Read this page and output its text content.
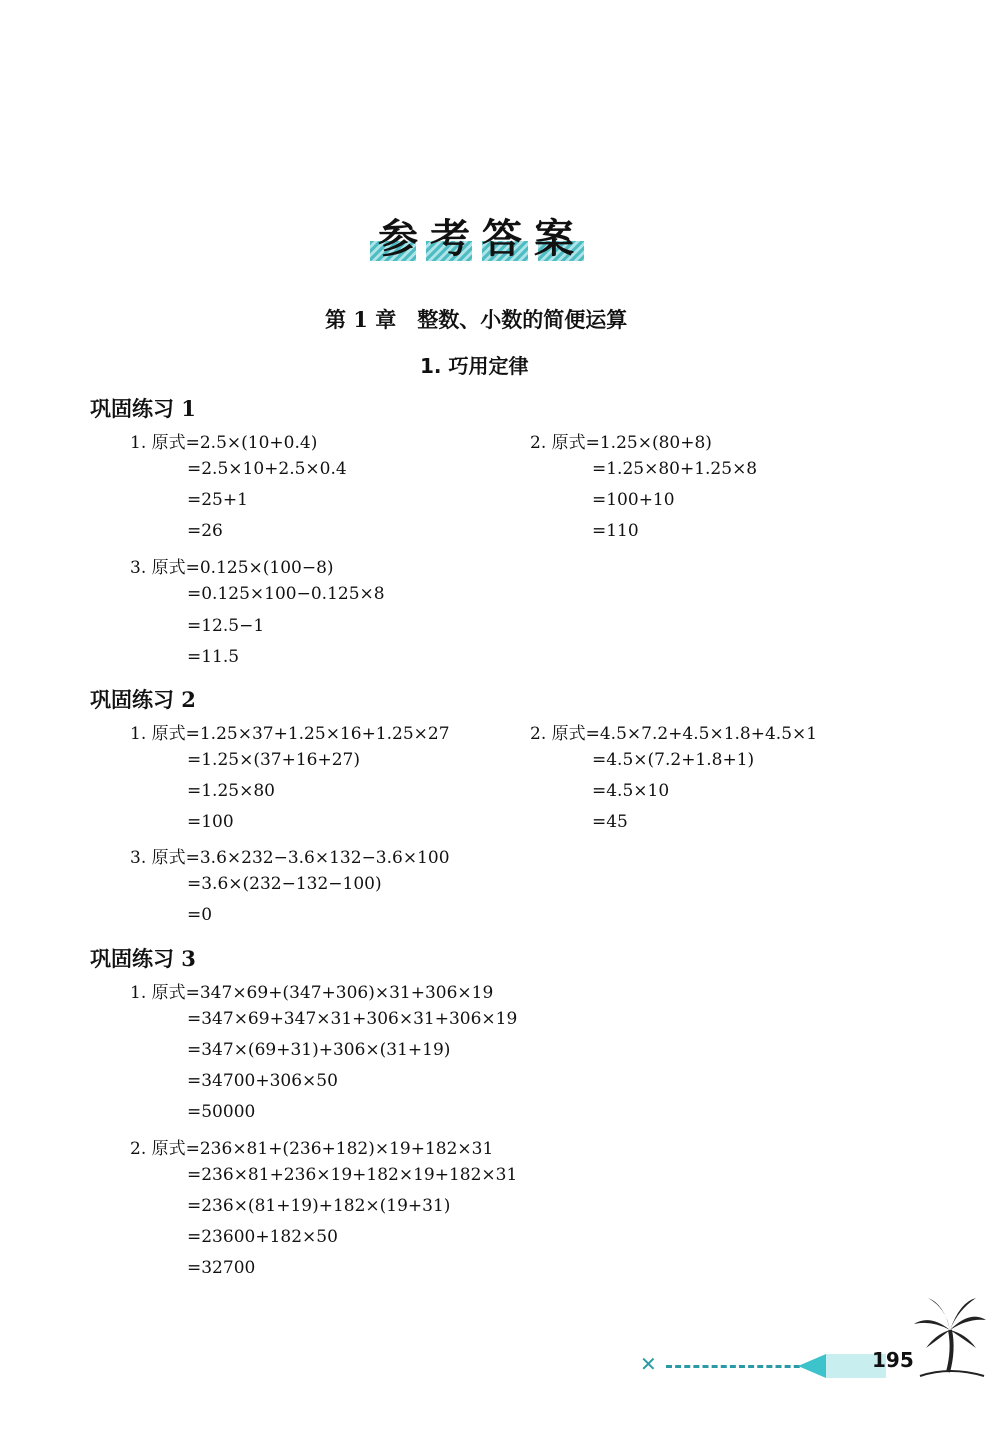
参考答案
第 1 章　整数、小数的简便运算
1. 巧用定律
巩固练习 1
1. 原式=2.5×(10+0.4)
=2.5×10+2.5×0.4
=25+1
=26
2. 原式=1.25×(80+8)
=1.25×80+1.25×8
=100+10
=110
3. 原式=0.125×(100−8)
=0.125×100−0.125×8
=12.5−1
=11.5
巩固练习 2
1. 原式=1.25×37+1.25×16+1.25×27
=1.25×(37+16+27)
=1.25×80
=100
2. 原式=4.5×7.2+4.5×1.8+4.5×1
=4.5×(7.2+1.8+1)
=4.5×10
=45
3. 原式=3.6×232−3.6×132−3.6×100
=3.6×(232−132−100)
=0
巩固练习 3
1. 原式=347×69+(347+306)×31+306×19
=347×69+347×31+306×31+306×19
=347×(69+31)+306×(31+19)
=34700+306×50
=50000
2. 原式=236×81+(236+182)×19+182×31
=236×81+236×19+182×19+182×31
=236×(81+19)+182×(19+31)
=23600+182×50
=32700
✕	195
